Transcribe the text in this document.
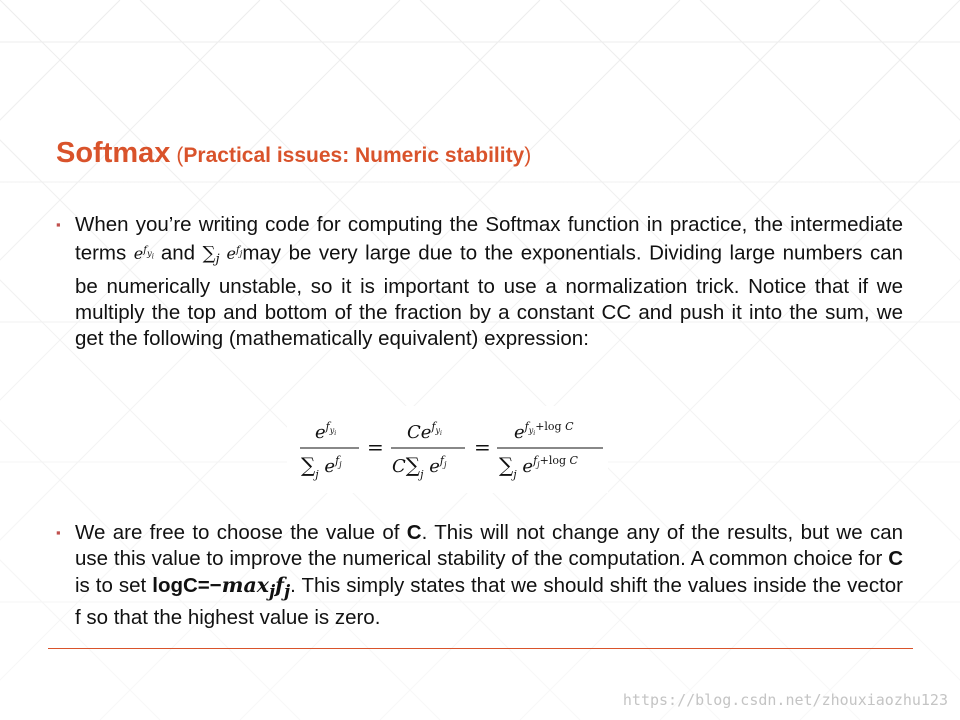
Softmax (Practical issues: Numeric stability)
▪ When you’re writing code for computing the Softmax function in practice, the intermediate terms $e^{f_{y_i}}$ and $\sum_j$ $e^{f_j}may$ be very large due to the exponentials. Dividing large numbers can be numerically unstable, so it is important to use a normalization trick. Notice that if we multiply the top and bottom of the fraction by a constant CC and push it into the sum, we get the following (mathematically equivalent) expression:

$e^fyi$
$\sum_j$ $e^fj$
=
$Ce^fyi$
$C\sum_j$ $e^fj$
=
$e^fyi^{+log}$ C
$\sum_j$ $e^fj+\log$ C
▪ We are free to choose the value of C. This will not change any of the results, but we can use this value to improve the numerical stability of the computation. A common choice for C is to set $\log C=-\max_jf_j$. This simply states that we should shift the values inside the vector f so that the highest value is zero.

https://blog.csdn.net/zhouxiaozhu123
